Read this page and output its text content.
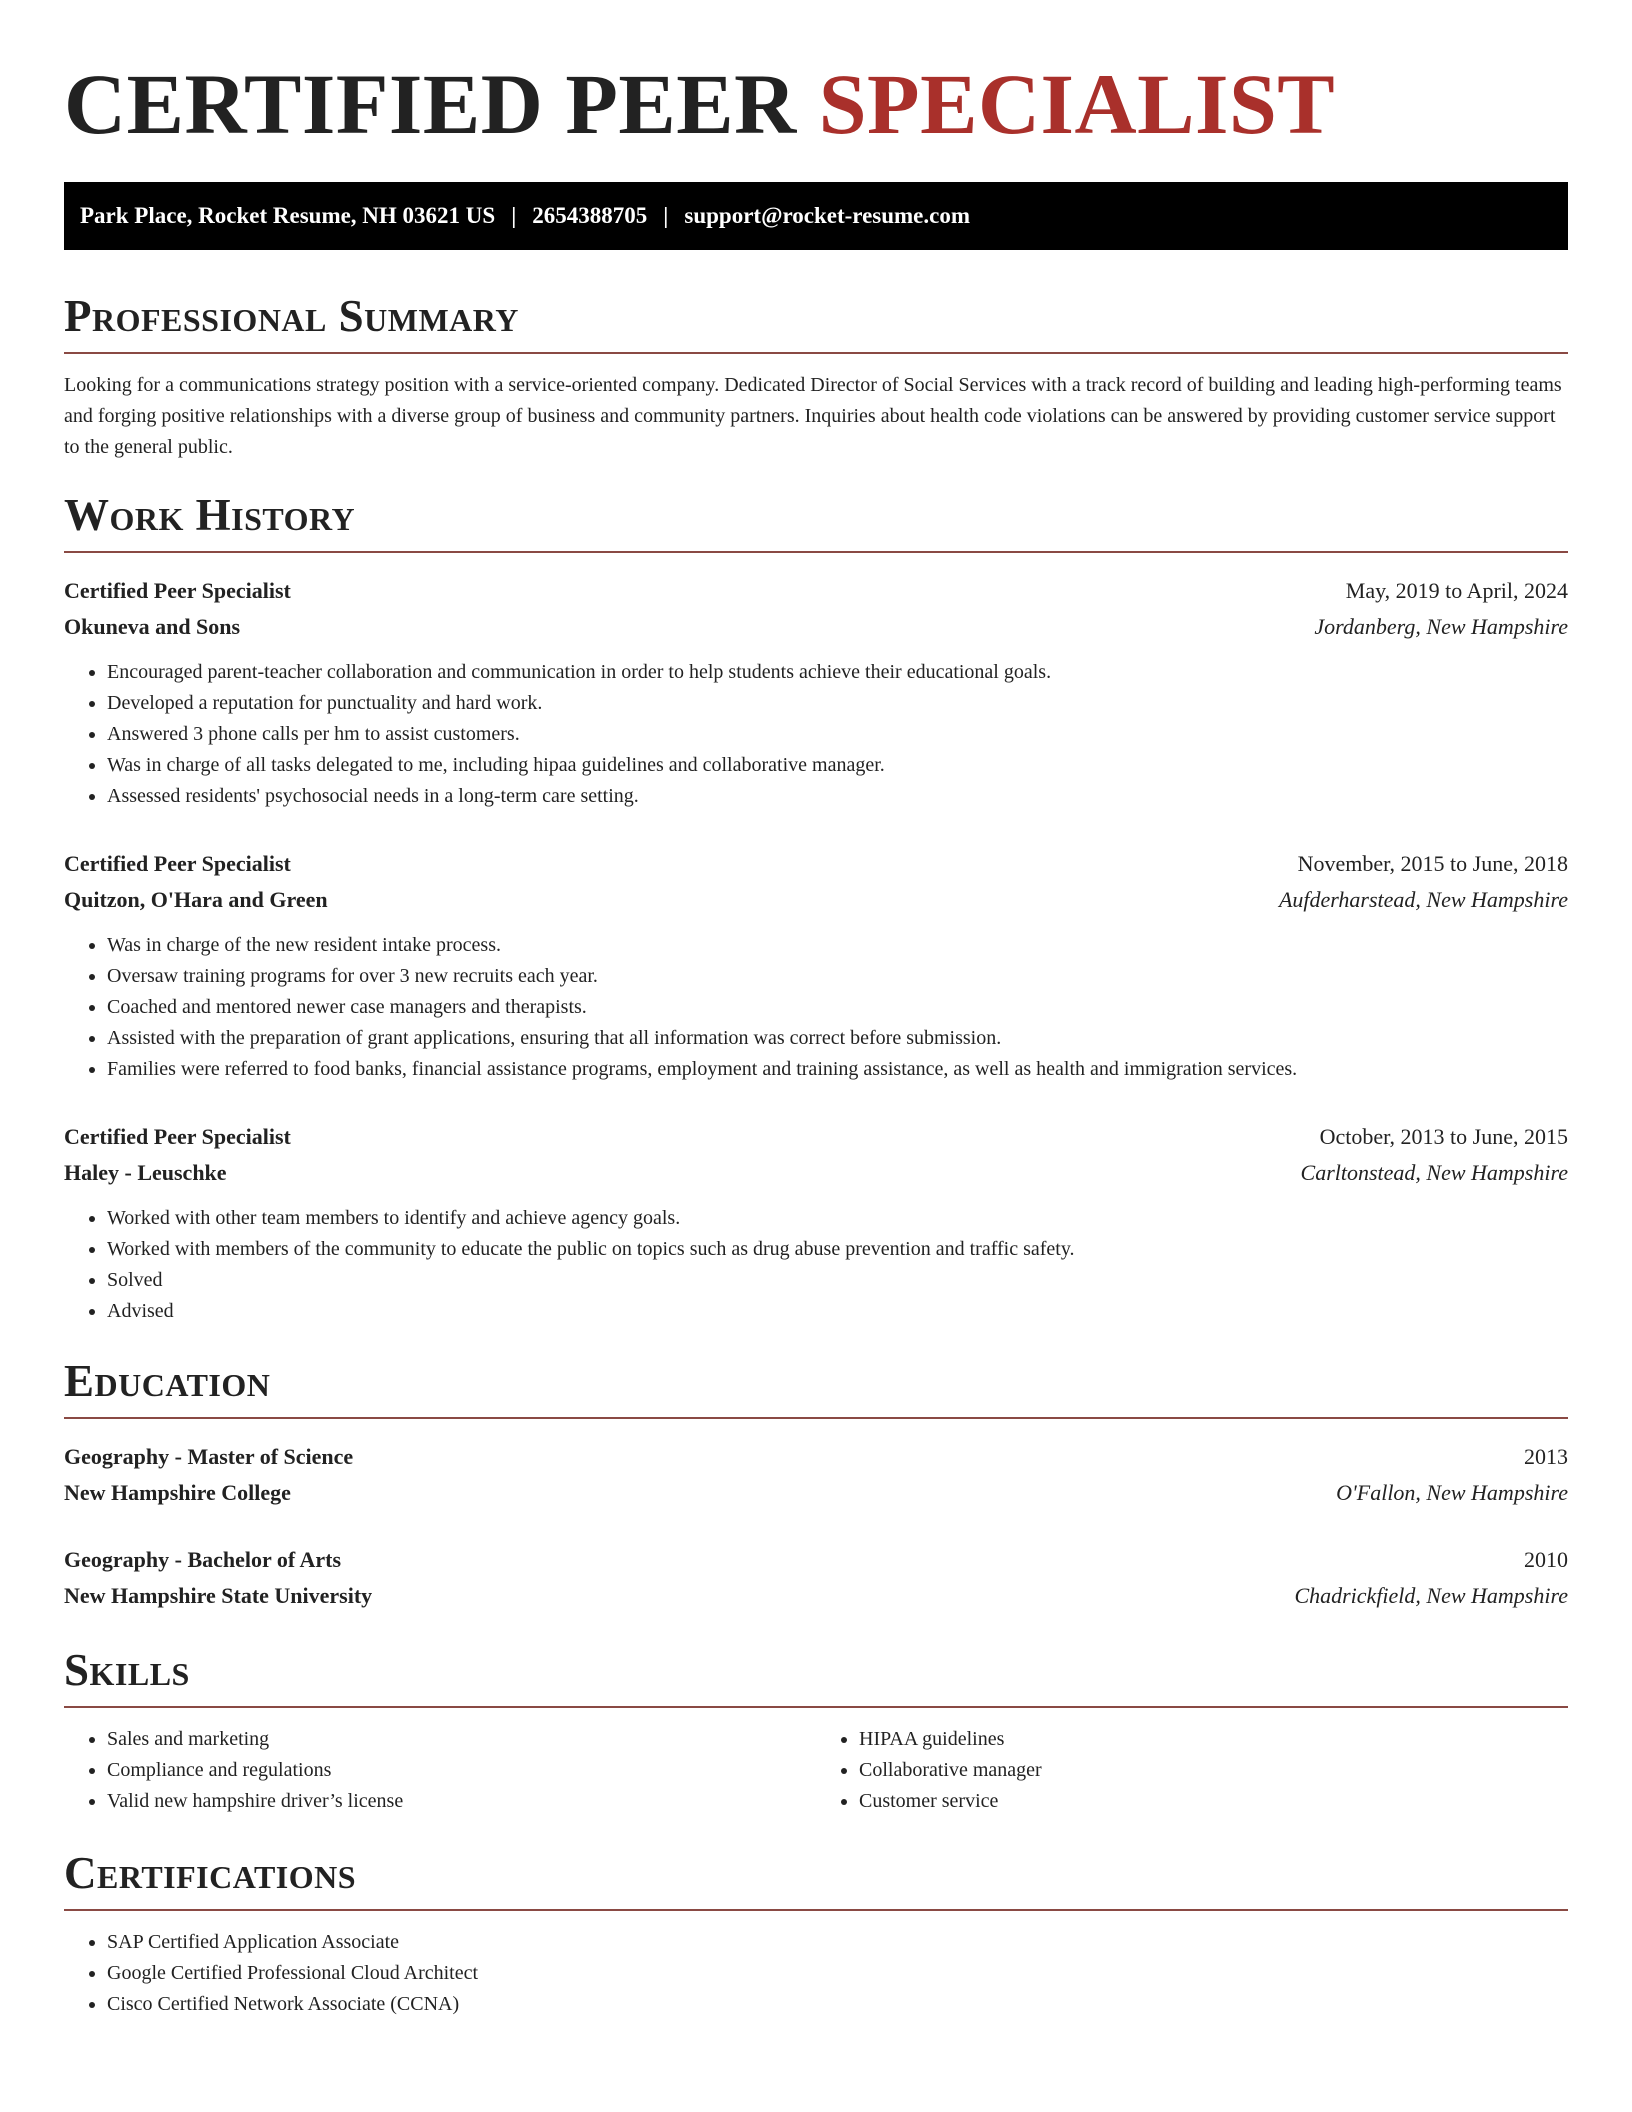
CERTIFIED PEER SPECIALIST
Park Place, Rocket Resume, NH 03621 US | 2654388705 | support@rocket-resume.com
Professional Summary

Looking for a communications strategy position with a service-oriented company. Dedicated Director of Social Services with a track record of building and leading high-performing teams and forging positive relationships with a diverse group of business and community partners. Inquiries about health code violations can be answered by providing customer service support to the general public.

Work History
Certified Peer Specialist	May, 2019 to April, 2024
Okuneva and Sons	Jordanberg, New Hampshire
• Encouraged parent-teacher collaboration and communication in order to help students achieve their educational goals.
• Developed a reputation for punctuality and hard work.
• Answered 3 phone calls per hm to assist customers.
• Was in charge of all tasks delegated to me, including hipaa guidelines and collaborative manager.
• Assessed residents' psychosocial needs in a long-term care setting.
Certified Peer Specialist	November, 2015 to June, 2018
Quitzon, O'Hara and Green	Aufderharstead, New Hampshire
• Was in charge of the new resident intake process.
• Oversaw training programs for over 3 new recruits each year.
• Coached and mentored newer case managers and therapists.
• Assisted with the preparation of grant applications, ensuring that all information was correct before submission.
• Families were referred to food banks, financial assistance programs, employment and training assistance, as well as health and immigration services.
Certified Peer Specialist	October, 2013 to June, 2015
Haley - Leuschke	Carltonstead, New Hampshire
• Worked with other team members to identify and achieve agency goals.
• Worked with members of the community to educate the public on topics such as drug abuse prevention and traffic safety.
• Solved
• Advised
Education
Geography - Master of Science	2013
New Hampshire College	O'Fallon, New Hampshire
Geography - Bachelor of Arts	2010
New Hampshire State University	Chadrickfield, New Hampshire
Skills
• Sales and marketing
• Compliance and regulations
• Valid new hampshire driver’s license
• HIPAA guidelines
• Collaborative manager
• Customer service
Certifications
• SAP Certified Application Associate
• Google Certified Professional Cloud Architect
• Cisco Certified Network Associate (CCNA)
